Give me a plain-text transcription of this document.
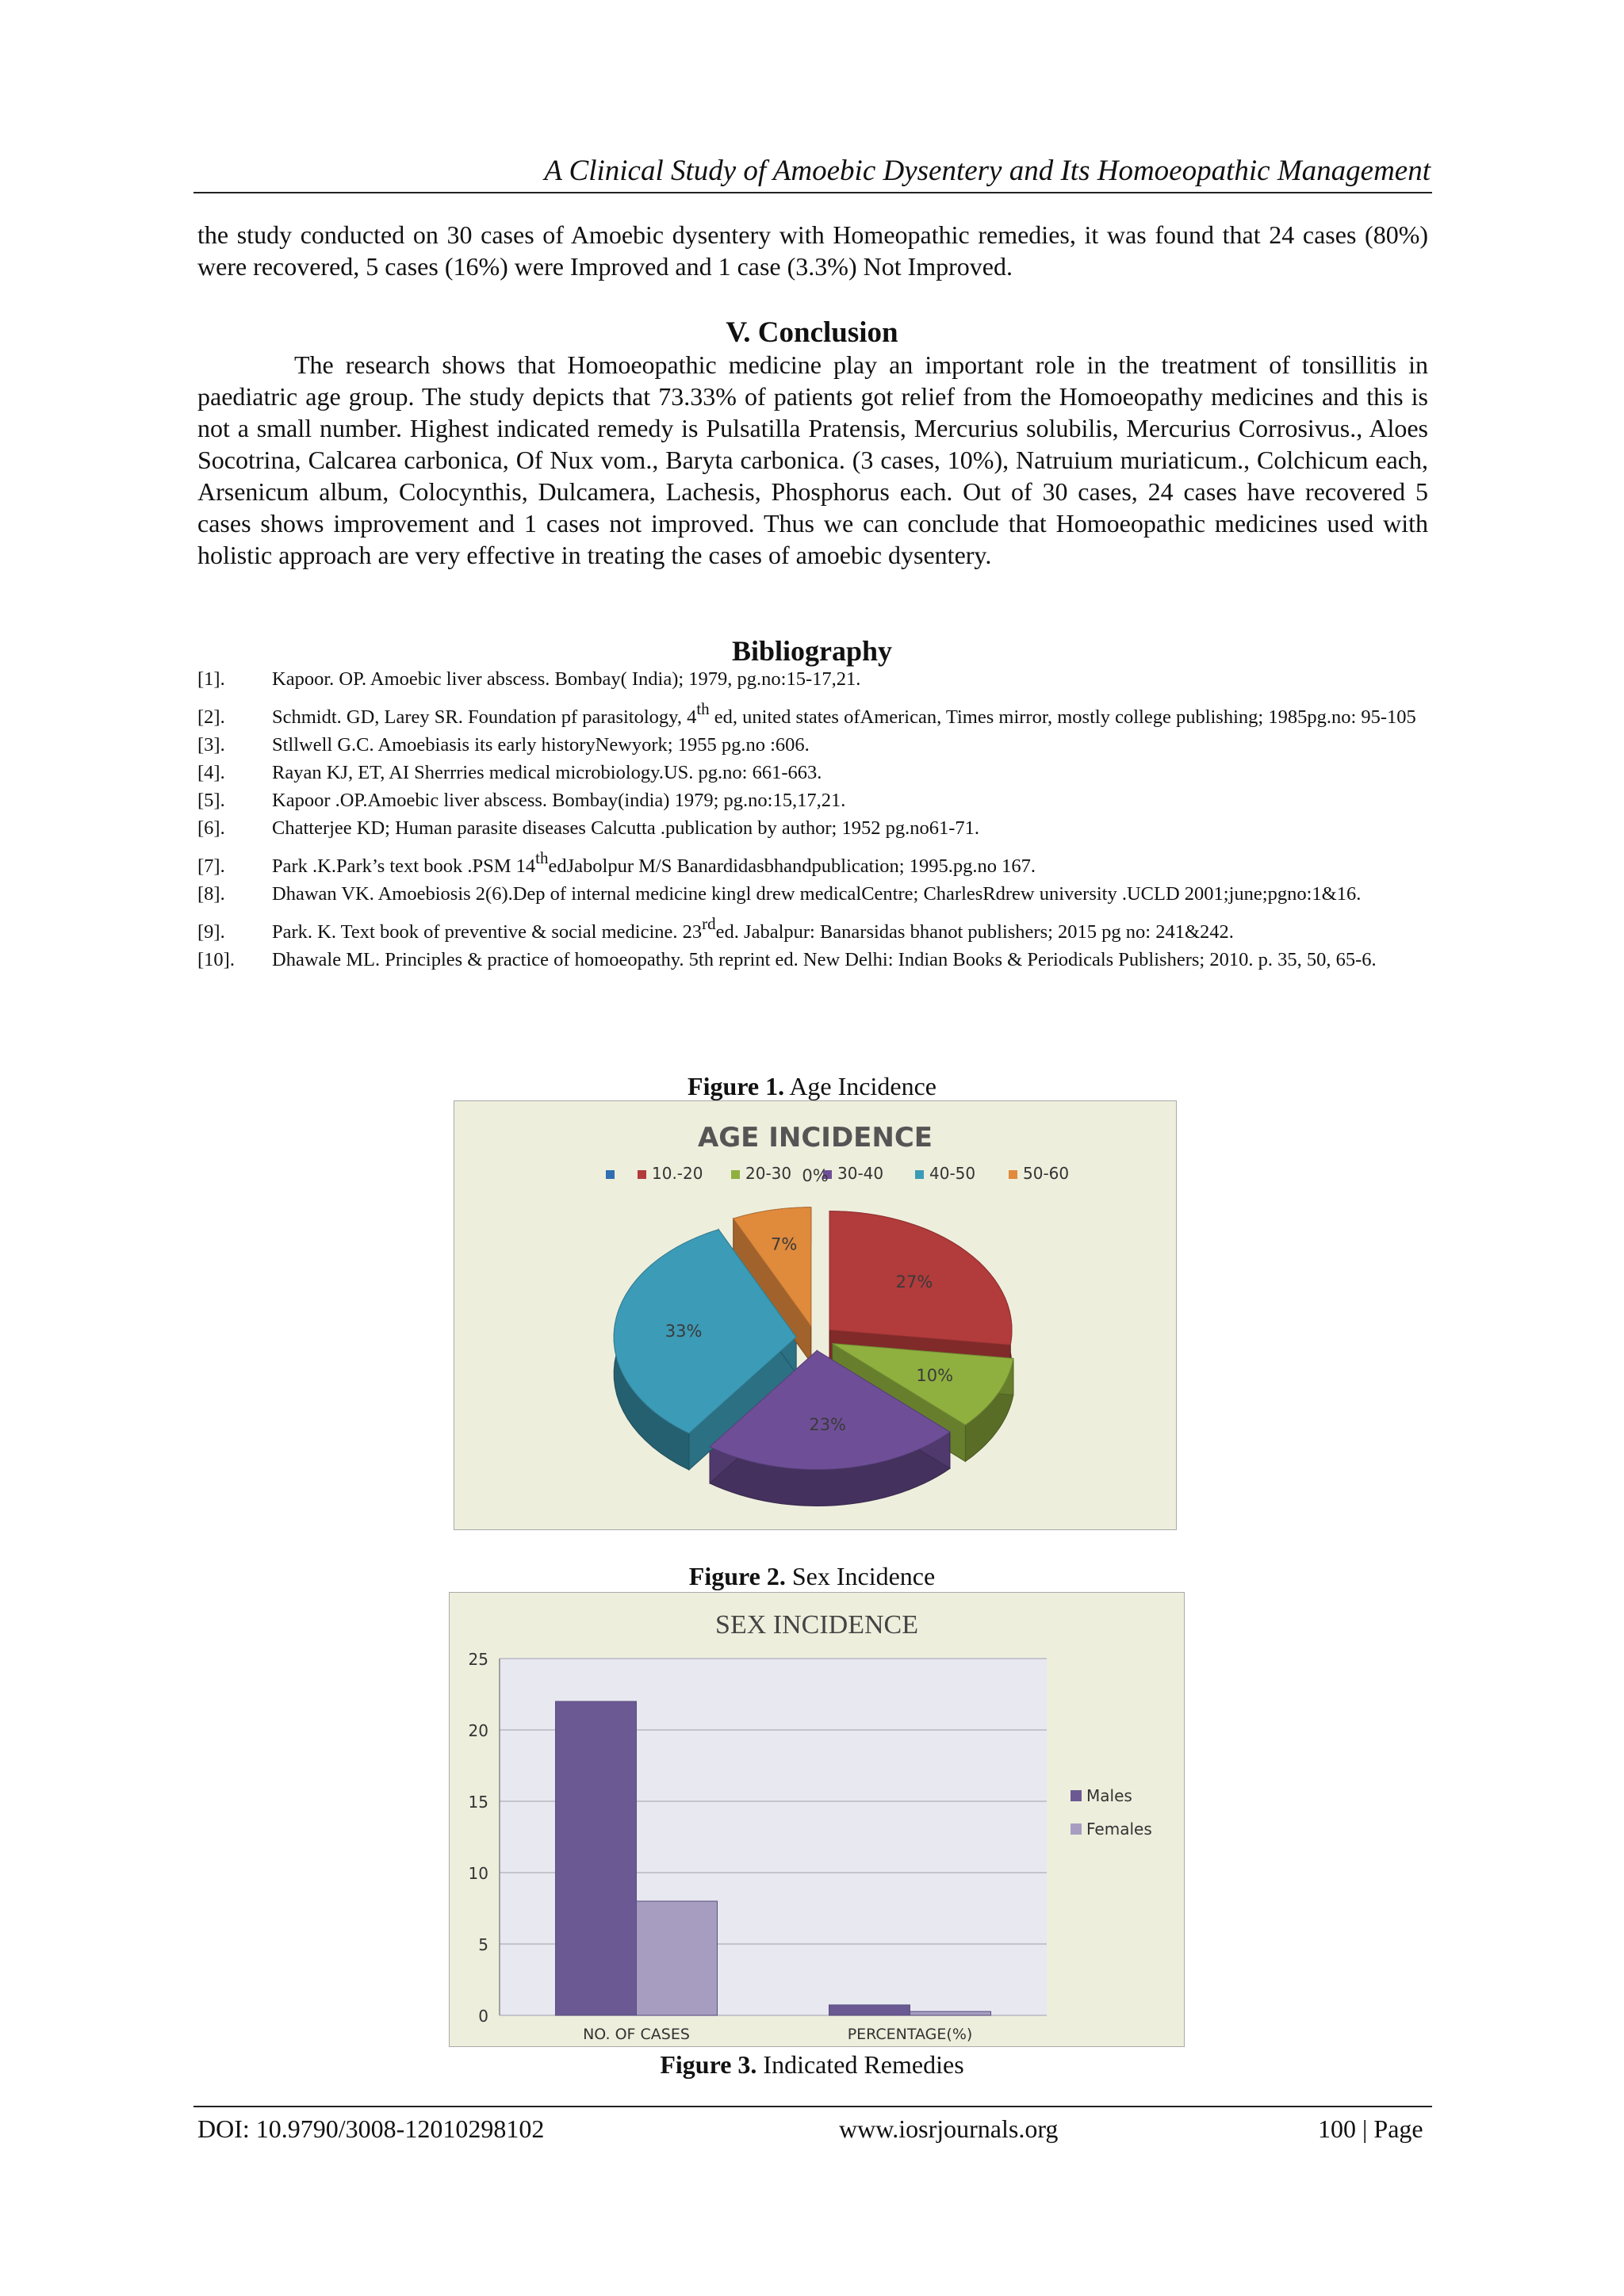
A Clinical Study of Amoebic Dysentery and Its Homoeopathic Management

the study conducted on 30 cases of Amoebic dysentery with Homeopathic remedies, it was found that 24 cases (80%) were recovered, 5 cases (16%) were Improved and 1 case (3.3%) Not Improved.

V. Conclusion

The research shows that Homoeopathic medicine play an important role in the treatment of tonsillitis in paediatric age group. The study depicts that 73.33% of patients got relief from the Homoeopathy medicines and this is not a small number. Highest indicated remedy is Pulsatilla Pratensis, Mercurius solubilis, Mercurius Corrosivus., Aloes Socotrina, Calcarea carbonica, Of Nux vom., Baryta carbonica. (3 cases, 10%), Natruium muriaticum., Colchicum each, Arsenicum album, Colocynthis, Dulcamera, Lachesis, Phosphorus each. Out of 30 cases, 24 cases have recovered 5 cases shows improvement and 1 cases not improved. Thus we can conclude that Homoeopathic medicines used with holistic approach are very effective in treating the cases of amoebic dysentery.

Bibliography
[1]. Kapoor. OP. Amoebic liver abscess. Bombay( India); 1979, pg.no:15-17,21.
[2]. Schmidt. GD, Larey SR. Foundation pf parasitology, 4th ed, united states ofAmerican, Times mirror, mostly college publishing; 1985pg.no: 95-105
[3]. Stllwell G.C. Amoebiasis its early historyNewyork; 1955 pg.no :606.
[4]. Rayan KJ, ET, AI Sherrries medical microbiology.US. pg.no: 661-663.
[5]. Kapoor .OP.Amoebic liver abscess. Bombay(india) 1979; pg.no:15,17,21.
[6]. Chatterjee KD; Human parasite diseases Calcutta .publication by author; 1952 pg.no61-71.
[7]. Park .K.Park’s text book .PSM 14thedJabolpur M/S Banardidasbhandpublication; 1995.pg.no 167.
[8]. Dhawan VK. Amoebiosis 2(6).Dep of internal medicine kingl drew medicalCentre; CharlesRdrew university .UCLD 2001;june;pgno:1&16.
[9]. Park. K. Text book of preventive & social medicine. 23rded. Jabalpur: Banarsidas bhanot publishers; 2015 pg no: 241&242.
[10]. Dhawale ML. Principles & practice of homoeopathy. 5th reprint ed. New Delhi: Indian Books & Periodicals Publishers; 2010. p. 35, 50, 65-6.

Figure 1. Age Incidence

AGE INCIDENCE
10.-20	20-30	30-40	40-50	50-60
0%
27%
10%
23%
33%
7%

Figure 2. Sex Incidence

SEX INCIDENCE
0
5
10
15
20
25
NO. OF CASES	PERCENTAGE(%)
Males
Females

Figure 3. Indicated Remedies

DOI: 10.9790/3008-12010298102	www.iosrjournals.org	100 | Page
